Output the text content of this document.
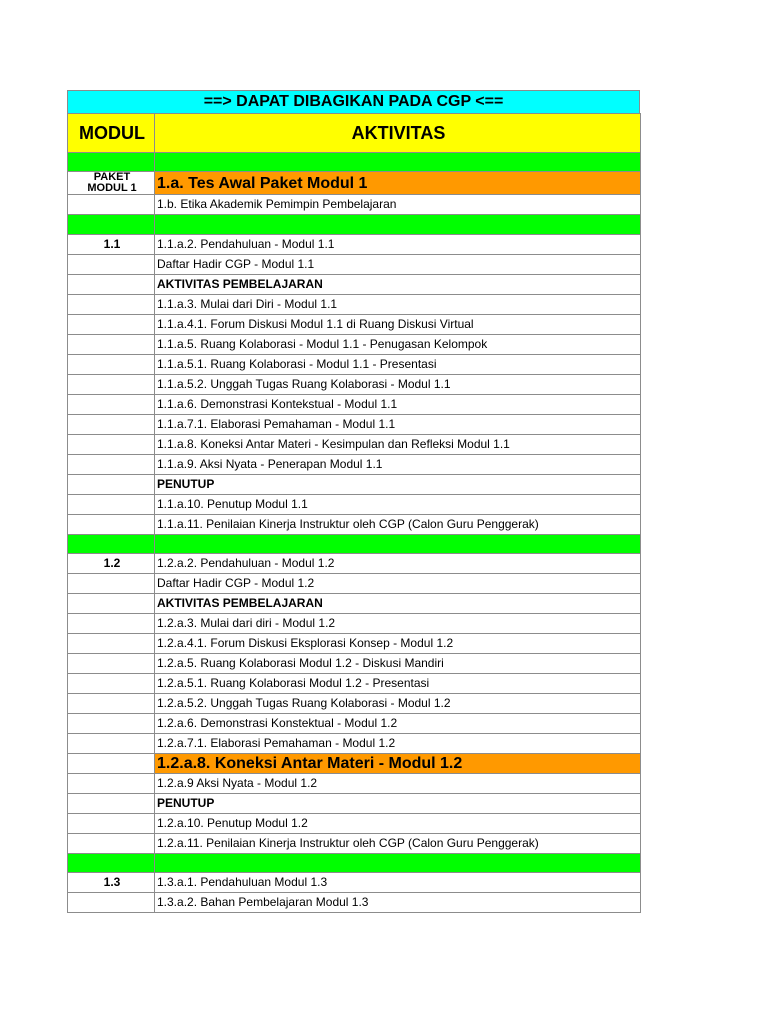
==> DAPAT DIBAGIKAN PADA CGP <==
MODUL	AKTIVITAS

PAKET
MODUL 1	1.a. Tes Awal Paket Modul 1
	1.b. Etika Akademik Pemimpin Pembelajaran

1.1	1.1.a.2. Pendahuluan - Modul 1.1
	Daftar Hadir CGP - Modul 1.1
	AKTIVITAS PEMBELAJARAN
	1.1.a.3. Mulai dari Diri - Modul 1.1
	1.1.a.4.1. Forum Diskusi Modul 1.1 di Ruang Diskusi Virtual
	1.1.a.5. Ruang Kolaborasi - Modul 1.1 - Penugasan Kelompok
	1.1.a.5.1. Ruang Kolaborasi - Modul 1.1 - Presentasi
	1.1.a.5.2. Unggah Tugas Ruang Kolaborasi - Modul 1.1
	1.1.a.6. Demonstrasi Kontekstual - Modul 1.1
	1.1.a.7.1. Elaborasi Pemahaman - Modul 1.1
	1.1.a.8. Koneksi Antar Materi - Kesimpulan dan Refleksi Modul 1.1
	1.1.a.9. Aksi Nyata - Penerapan Modul 1.1
	PENUTUP
	1.1.a.10. Penutup Modul 1.1
	1.1.a.11. Penilaian Kinerja Instruktur oleh CGP (Calon Guru Penggerak)

1.2	1.2.a.2. Pendahuluan - Modul 1.2
	Daftar Hadir CGP - Modul 1.2
	AKTIVITAS PEMBELAJARAN
	1.2.a.3. Mulai dari diri - Modul 1.2
	1.2.a.4.1. Forum Diskusi Eksplorasi Konsep - Modul 1.2
	1.2.a.5. Ruang Kolaborasi Modul 1.2 - Diskusi Mandiri
	1.2.a.5.1. Ruang Kolaborasi Modul 1.2 - Presentasi
	1.2.a.5.2. Unggah Tugas Ruang Kolaborasi - Modul 1.2
	1.2.a.6. Demonstrasi Konstektual - Modul 1.2
	1.2.a.7.1. Elaborasi Pemahaman - Modul 1.2
	1.2.a.8. Koneksi Antar Materi - Modul 1.2
	1.2.a.9 Aksi Nyata - Modul 1.2
	PENUTUP
	1.2.a.10. Penutup Modul 1.2
	1.2.a.11. Penilaian Kinerja Instruktur oleh CGP (Calon Guru Penggerak)

1.3	1.3.a.1. Pendahuluan Modul 1.3
	1.3.a.2. Bahan Pembelajaran Modul 1.3
